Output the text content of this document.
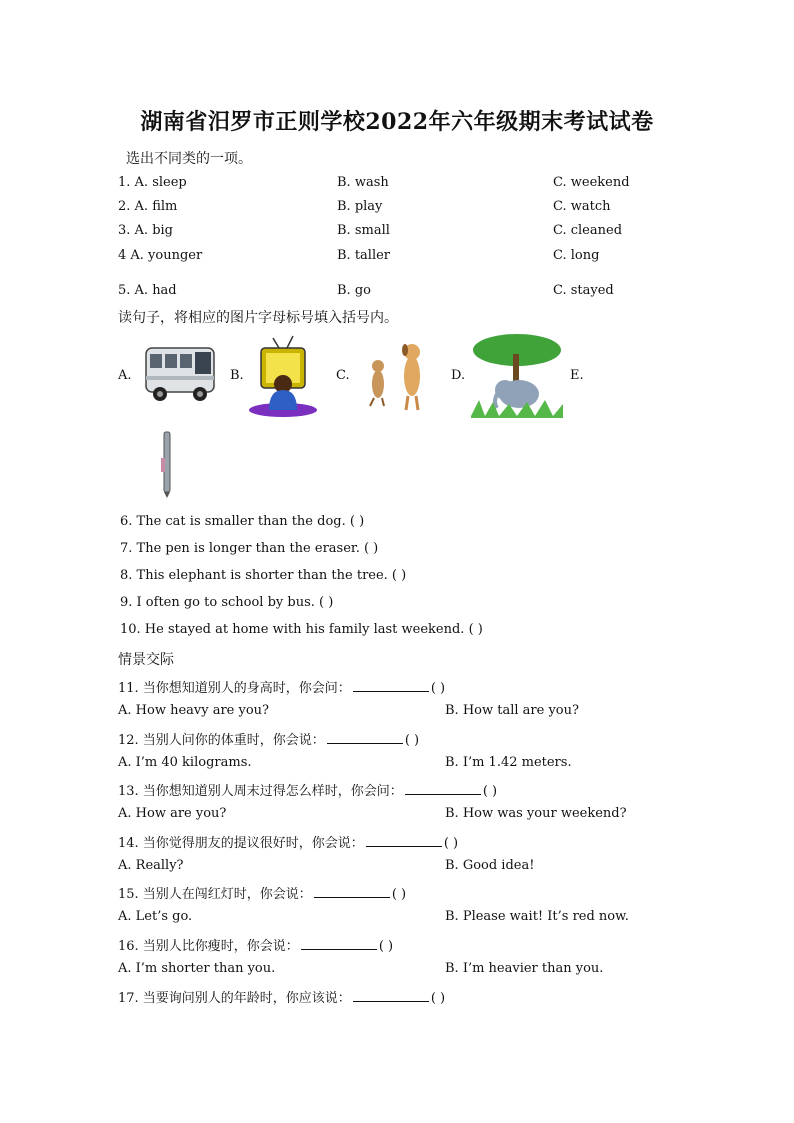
湖南省汨罗市正则学校2022年六年级期末考试试卷
选出不同类的一项。
1. A. sleep	B. wash	C. weekend
2. A. film	B. play	C. watch
3. A. big	B. small	C. cleaned
4 A. younger	B. taller	C. long
5. A. had	B. go	C. stayed
读句子，将相应的图片字母标号填入括号内。
A.	B.	C.	D.	E.
6. The cat is smaller than the dog. ( )
7. The pen is longer than the eraser. ( )
8. This elephant is shorter than the tree. ( )
9. I often go to school by bus. ( )
10. He stayed at home with his family last weekend. ( )
情景交际
11. 当你想知道别人的身高时，你会问：	( )
A. How heavy are you?	B. How tall are you?
12. 当别人问你的体重时，你会说：	( )
A. I’m 40 kilograms.	B. I’m 1.42 meters.
13. 当你想知道别人周末过得怎么样时，你会问：	( )
A. How are you?	B. How was your weekend?
14. 当你觉得朋友的提议很好时，你会说：	( )
A. Really?	B. Good idea!
15. 当别人在闯红灯时，你会说：	( )
A. Let’s go.	B. Please wait! It’s red now.
16. 当别人比你瘦时，你会说：	( )
A. I’m shorter than you.	B. I’m heavier than you.
17. 当要询问别人的年龄时，你应该说：	( )
